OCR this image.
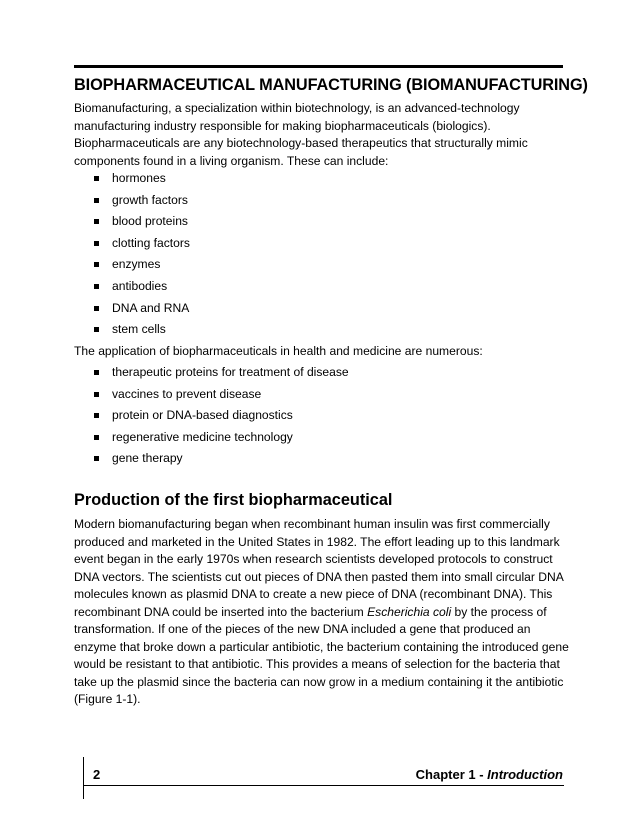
BIOPHARMACEUTICAL MANUFACTURING (BIOMANUFACTURING)
Biomanufacturing, a specialization within biotechnology, is an advanced-technology manufacturing industry responsible for making biopharmaceuticals (biologics). Biopharmaceuticals are any biotechnology-based therapeutics that structurally mimic components found in a living organism. These can include:
hormones
growth factors
blood proteins
clotting factors
enzymes
antibodies
DNA and RNA
stem cells
The application of biopharmaceuticals in health and medicine are numerous:
therapeutic proteins for treatment of disease
vaccines to prevent disease
protein or DNA-based diagnostics
regenerative medicine technology
gene therapy
Production of the first biopharmaceutical
Modern biomanufacturing began when recombinant human insulin was first commercially produced and marketed in the United States in 1982. The effort leading up to this landmark event began in the early 1970s when research scientists developed protocols to construct DNA vectors. The scientists cut out pieces of DNA then pasted them into small circular DNA molecules known as plasmid DNA to create a new piece of DNA (recombinant DNA). This recombinant DNA could be inserted into the bacterium Escherichia coli by the process of transformation. If one of the pieces of the new DNA included a gene that produced an enzyme that broke down a particular antibiotic, the bacterium containing the introduced gene would be resistant to that antibiotic. This provides a means of selection for the bacteria that take up the plasmid since the bacteria can now grow in a medium containing it the antibiotic (Figure 1-1).
2	Chapter 1 - Introduction
